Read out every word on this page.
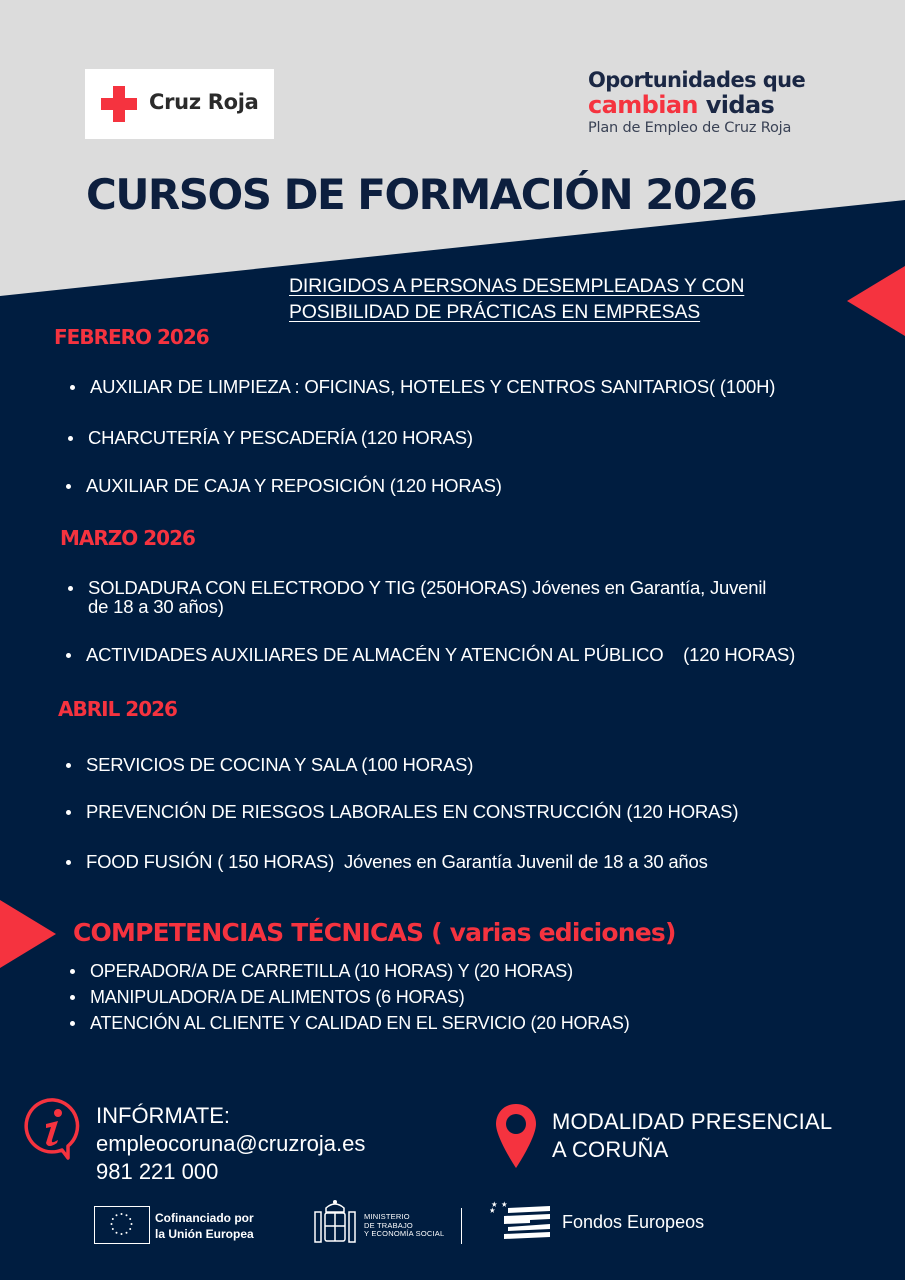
Cruz Roja
Oportunidades que
cambian vidas
Plan de Empleo de Cruz Roja
CURSOS DE FORMACIÓN 2026
DIRIGIDOS A PERSONAS DESEMPLEADAS Y CON
POSIBILIDAD DE PRÁCTICAS EN EMPRESAS
FEBRERO 2026
AUXILIAR DE LIMPIEZA : OFICINAS, HOTELES Y CENTROS SANITARIOS( (100H)
CHARCUTERÍA Y PESCADERÍA (120 HORAS)
AUXILIAR DE CAJA Y REPOSICIÓN (120 HORAS)
MARZO 2026
SOLDADURA CON ELECTRODO Y TIG (250HORAS) Jóvenes en Garantía, Juvenil
de 18 a 30 años)
ACTIVIDADES AUXILIARES DE ALMACÉN Y ATENCIÓN AL PÚBLICO    (120 HORAS)
ABRIL 2026
SERVICIOS DE COCINA Y SALA (100 HORAS)
PREVENCIÓN DE RIESGOS LABORALES EN CONSTRUCCIÓN (120 HORAS)
FOOD FUSIÓN ( 150 HORAS)  Jóvenes en Garantía Juvenil de 18 a 30 años
COMPETENCIAS TÉCNICAS ( varias ediciones)
OPERADOR/A DE CARRETILLA (10 HORAS) Y (20 HORAS)
MANIPULADOR/A DE ALIMENTOS (6 HORAS)
ATENCIÓN AL CLIENTE Y CALIDAD EN EL SERVICIO (20 HORAS)
INFÓRMATE:
empleocoruna@cruzroja.es
981 221 000
MODALIDAD PRESENCIAL
A CORUÑA
Cofinanciado por
la Unión Europea
MINISTERIO
DE TRABAJO
Y ECONOMÍA SOCIAL
Fondos Europeos
